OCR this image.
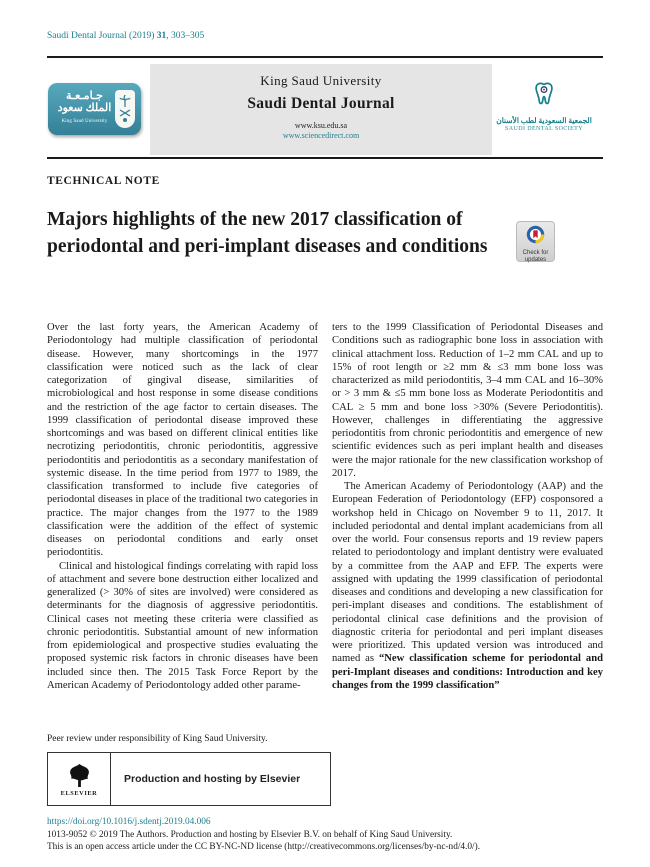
Saudi Dental Journal (2019) 31, 303–305
King Saud University
Saudi Dental Journal
www.ksu.edu.sa
www.sciencedirect.com
جـامـعـة
الملك سعود
King Saud University	الجمعية السعودية لطب الأسنان
SAUDI DENTAL SOCIETY
TECHNICAL NOTE
Majors highlights of the new 2017 classification of periodontal and peri-implant diseases and conditions	Check for
updates

Over the last forty years, the American Academy of Periodontology had multiple classification of periodontal disease. However, many shortcomings in the 1977 classification were noticed such as the lack of clear categorization of gingival disease, similarities of microbiological and host response in some disease conditions and the restriction of the age factor to certain diseases. The 1999 classification of periodontal disease improved these shortcomings and was based on different clinical entities like necrotizing periodontitis, chronic periodontitis, aggressive periodontitis and periodontitis as a secondary manifestation of systemic disease. In the time period from 1977 to 1989, the classification transformed to include five categories of periodontal diseases in place of the traditional two categories in practice. The major changes from the 1977 to the 1989 classification were the addition of the effect of systemic diseases on periodontal conditions and early onset periodontitis.

Clinical and histological findings correlating with rapid loss of attachment and severe bone destruction either localized and generalized (> 30% of sites are involved) were considered as determinants for the diagnosis of aggressive periodontitis. Clinical cases not meeting these criteria were classified as chronic periodontitis. Substantial amount of new information from epidemiological and prospective studies evaluating the proposed systemic risk factors in chronic diseases have been included since then. The 2015 Task Force Report by the American Academy of Periodontology added other parame-

ters to the 1999 Classification of Periodontal Diseases and Conditions such as radiographic bone loss in association with clinical attachment loss. Reduction of 1–2 mm CAL and up to 15% of root length or ≥2 mm & ≤3 mm bone loss was characterized as mild periodontitis, 3–4 mm CAL and 16–30% or > 3 mm & ≤5 mm bone loss as Moderate Periodontitis and CAL ≥ 5 mm and bone loss >30% (Severe Periodontitis). However, challenges in differentiating the aggressive periodontitis from chronic periodontitis and emergence of new scientific evidences such as peri implant health and diseases were the major rationale for the new classification workshop of 2017.

The American Academy of Periodontology (AAP) and the European Federation of Periodontology (EFP) cosponsored a workshop held in Chicago on November 9 to 11, 2017. It included periodontal and dental implant academicians from all over the world. Four consensus reports and 19 review papers related to periodontology and implant dentistry were evaluated by a committee from the AAP and EFP. The experts were assigned with updating the 1999 classification of periodontal diseases and conditions and developing a new classification for peri-implant diseases and conditions. The establishment of periodontal clinical case definitions and the provision of diagnostic criteria for periodontal and peri implant diseases were prioritized. This updated version was introduced and named as “New classification scheme for periodontal and peri-Implant diseases and conditions: Introduction and key changes from the 1999 classification”

Peer review under responsibility of King Saud University.
ELSEVIER
Production and hosting by Elsevier
https://doi.org/10.1016/j.sdentj.2019.04.006
1013-9052 © 2019 The Authors. Production and hosting by Elsevier B.V. on behalf of King Saud University.
This is an open access article under the CC BY-NC-ND license (http://creativecommons.org/licenses/by-nc-nd/4.0/).
